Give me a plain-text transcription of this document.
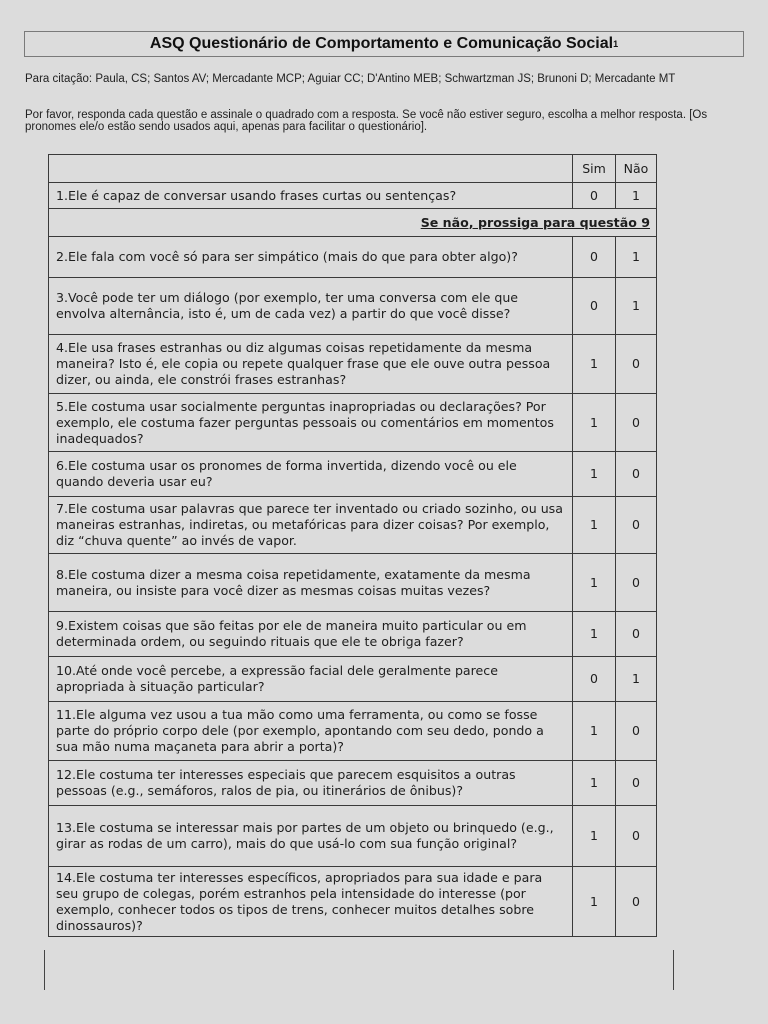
ASQ Questionário de Comportamento e Comunicação Social 1
Para citação: Paula, CS; Santos AV; Mercadante MCP; Aguiar CC; D'Antino MEB; Schwartzman JS; Brunoni D; Mercadante MT
Por favor, responda cada questão e assinale o quadrado com a resposta. Se você não estiver seguro, escolha a melhor resposta. [Os pronomes ele/o estão sendo usados aqui, apenas para facilitar o questionário].
	Sim	Não
1.Ele é capaz de conversar usando frases curtas ou sentenças?	0	1
Se não, prossiga para questão 9		
2.Ele fala com você só para ser simpático (mais do que para obter algo)?	0	1
3.Você pode ter um diálogo (por exemplo, ter uma conversa com ele que envolva alternância, isto é, um de cada vez) a partir do que você disse?	0	1
4.Ele usa frases estranhas ou diz algumas coisas repetidamente da mesma maneira? Isto é, ele copia ou repete qualquer frase que ele ouve outra pessoa dizer, ou ainda, ele constrói frases estranhas?	1	0
5.Ele costuma usar socialmente perguntas inapropriadas ou declarações? Por exemplo, ele costuma fazer perguntas pessoais ou comentários em momentos inadequados?	1	0
6.Ele costuma usar os pronomes de forma invertida, dizendo você ou ele quando deveria usar eu?	1	0
7.Ele costuma usar palavras que parece ter inventado ou criado sozinho, ou usa maneiras estranhas, indiretas, ou metafóricas para dizer coisas? Por exemplo, diz “chuva quente” ao invés de vapor.	1	0
8.Ele costuma dizer a mesma coisa repetidamente, exatamente da mesma maneira, ou insiste para você dizer as mesmas coisas muitas vezes?	1	0
9.Existem coisas que são feitas por ele de maneira muito particular ou em determinada ordem, ou seguindo rituais que ele te obriga fazer?	1	0
10.Até onde você percebe, a expressão facial dele geralmente parece apropriada à situação particular?	0	1
11.Ele alguma vez usou a tua mão como uma ferramenta, ou como se fosse parte do próprio corpo dele (por exemplo, apontando com seu dedo, pondo a sua mão numa maçaneta para abrir a porta)?	1	0
12.Ele costuma ter interesses especiais que parecem esquisitos a outras pessoas (e.g., semáforos, ralos de pia, ou itinerários de ônibus)?	1	0
13.Ele costuma se interessar mais por partes de um objeto ou brinquedo (e.g., girar as rodas de um carro), mais do que usá-lo com sua função original?	1	0
14.Ele costuma ter interesses específicos, apropriados para sua idade e para seu grupo de colegas, porém estranhos pela intensidade do interesse (por exemplo, conhecer todos os tipos de trens, conhecer muitos detalhes sobre dinossauros)?	1	0
